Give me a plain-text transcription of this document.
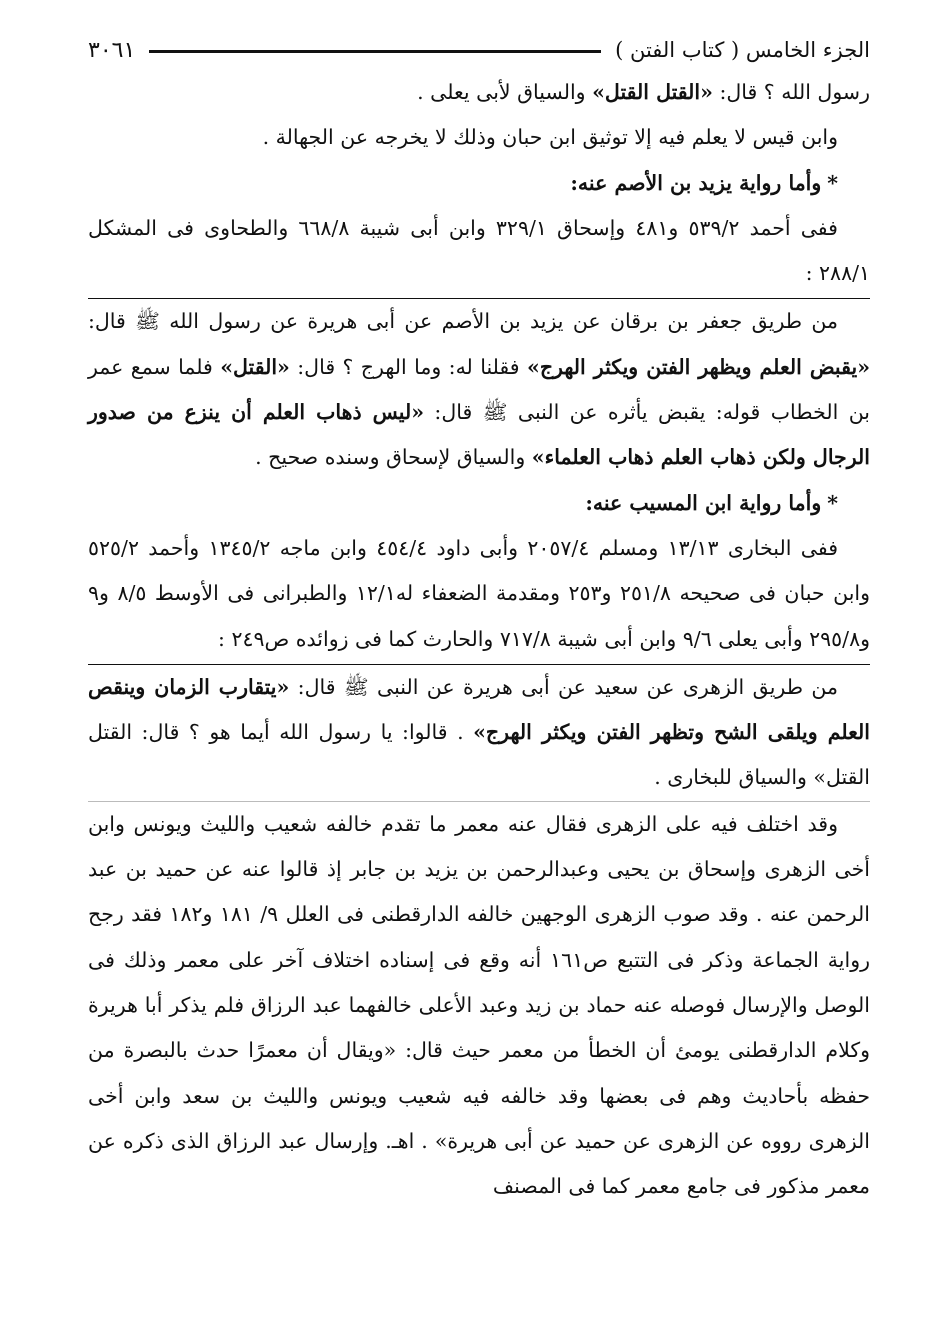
الجزء الخامس ( كتاب الفتن )
٣٠٦١

رسول الله ؟ قال: «القتل القتل» والسياق لأبى يعلى .

وابن قيس لا يعلم فيه إلا توثيق ابن حبان وذلك لا يخرجه عن الجهالة .

*وأما رواية يزيد بن الأصم عنه:

ففى أحمد ٥٣٩/٢ و٤٨١ وإسحاق ٣٢٩/١ وابن أبى شيبة ٦٦٨/٨ والطحاوى فى المشكل ٢٨٨/١ :

من طريق جعفر بن برقان عن يزيد بن الأصم عن أبى هريرة عن رسول الله ﷺ قال: «يقبض العلم ويظهر الفتن ويكثر الهرج» فقلنا له: وما الهرج ؟ قال: «القتل» فلما سمع عمر بن الخطاب قوله: يقبض يأثره عن النبى ﷺ قال: «ليس ذهاب العلم أن ينزع من صدور الرجال ولكن ذهاب العلم ذهاب العلماء» والسياق لإسحاق وسنده صحيح .

*وأما رواية ابن المسيب عنه:

ففى البخارى ١٣/١٣ ومسلم ٢٠٥٧/٤ وأبى داود ٤٥٤/٤ وابن ماجه ١٣٤٥/٢ وأحمد ٥٢٥/٢ وابن حبان فى صحيحه ٢٥١/٨ و٢٥٣ ومقدمة الضعفاء له١٢/١ والطبرانى فى الأوسط ٨/٥ و٩ و٢٩٥/٨ وأبى يعلى ٩/٦ وابن أبى شيبة ٧١٧/٨ والحارث كما فى زوائده ص٢٤٩ :

من طريق الزهرى عن سعيد عن أبى هريرة عن النبى ﷺ قال: «يتقارب الزمان وينقص العلم ويلقى الشح وتظهر الفتن ويكثر الهرج» . قالوا: يا رسول الله أيما هو ؟ قال: القتل القتل» والسياق للبخارى .

وقد اختلف فيه على الزهرى فقال عنه معمر ما تقدم خالفه شعيب والليث ويونس وابن أخى الزهرى وإسحاق بن يحيى وعبدالرحمن بن يزيد بن جابر إذ قالوا عنه عن حميد بن عبد الرحمن عنه . وقد صوب الزهرى الوجهين خالفه الدارقطنى فى العلل ٩/ ١٨١ و١٨٢ فقد رجح رواية الجماعة وذكر فى التتبع ص١٦١ أنه وقع فى إسناده اختلاف آخر على معمر وذلك فى الوصل والإرسال فوصله عنه حماد بن زيد وعبد الأعلى خالفهما عبد الرزاق فلم يذكر أبا هريرة وكلام الدارقطنى يومئ أن الخطأ من معمر حيث قال: «ويقال أن معمرًا حدث بالبصرة من حفظه بأحاديث وهم فى بعضها وقد خالفه فيه شعيب ويونس والليث بن سعد وابن أخى الزهرى رووه عن الزهرى عن حميد عن أبى هريرة» . اهـ. وإرسال عبد الرزاق الذى ذكره عن معمر مذكور فى جامع معمر كما فى المصنف
